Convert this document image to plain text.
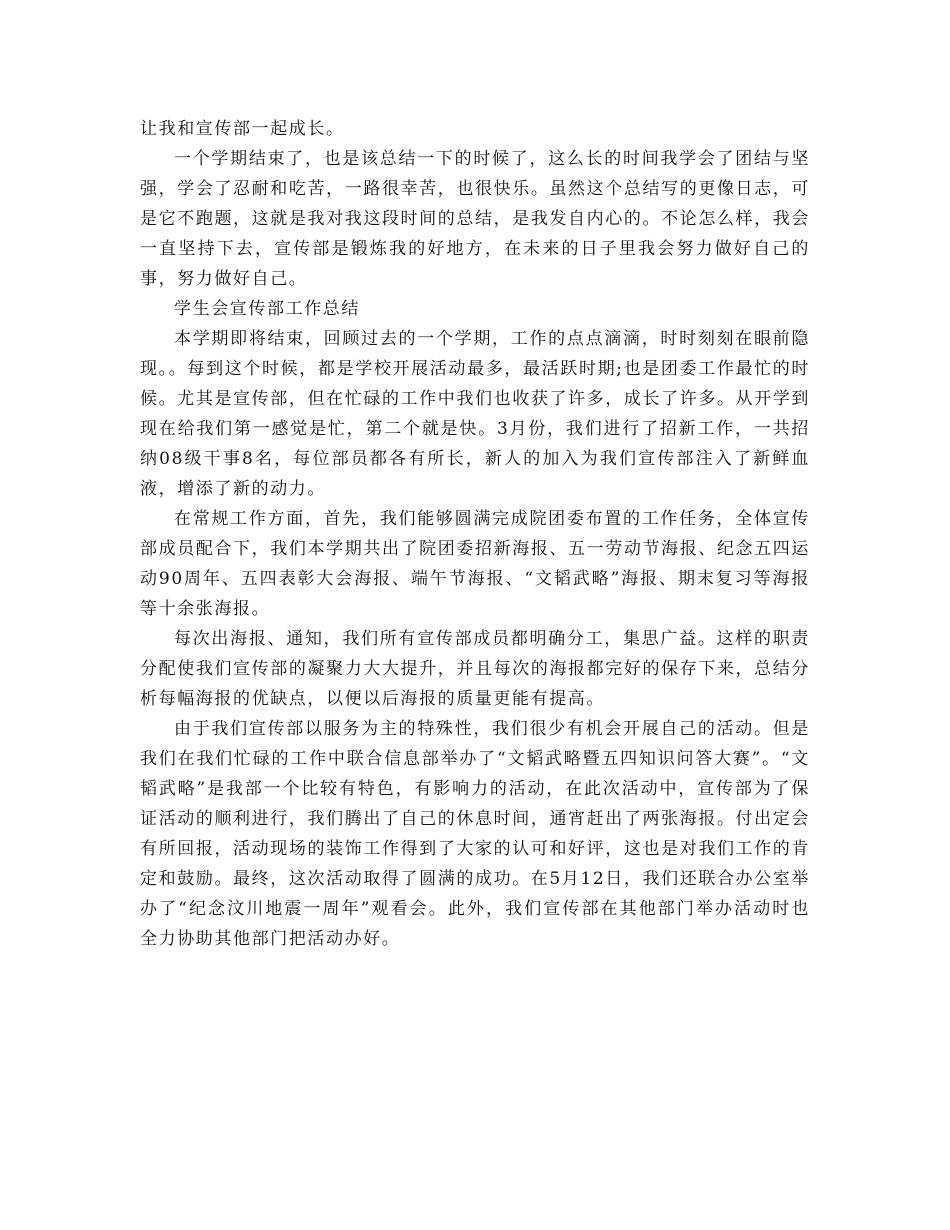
让我和宣传部一起成长。

一个学期结束了，也是该总结一下的时候了，这么长的时间我学会了团结与坚强，学会了忍耐和吃苦，一路很幸苦，也很快乐。虽然这个总结写的更像日志，可是它不跑题，这就是我对我这段时间的总结，是我发自内心的。不论怎么样，我会一直坚持下去，宣传部是锻炼我的好地方，在未来的日子里我会努力做好自己的事，努力做好自己。

学生会宣传部工作总结

本学期即将结束，回顾过去的一个学期，工作的点点滴滴，时时刻刻在眼前隐现。。每到这个时候，都是学校开展活动最多，最活跃时期;也是团委工作最忙的时候。尤其是宣传部，但在忙碌的工作中我们也收获了许多，成长了许多。从开学到现在给我们第一感觉是忙，第二个就是快。3月份，我们进行了招新工作，一共招纳08级干事8名，每位部员都各有所长，新人的加入为我们宣传部注入了新鲜血液，增添了新的动力。

在常规工作方面，首先，我们能够圆满完成院团委布置的工作任务，全体宣传部成员配合下，我们本学期共出了院团委招新海报、五一劳动节海报、纪念五四运动90周年、五四表彰大会海报、端午节海报、“文韬武略”海报、期末复习等海报等十余张海报。

每次出海报、通知，我们所有宣传部成员都明确分工，集思广益。这样的职责分配使我们宣传部的凝聚力大大提升，并且每次的海报都完好的保存下来，总结分析每幅海报的优缺点，以便以后海报的质量更能有提高。

由于我们宣传部以服务为主的特殊性，我们很少有机会开展自己的活动。但是我们在我们忙碌的工作中联合信息部举办了“文韬武略暨五四知识问答大赛”。“文韬武略”是我部一个比较有特色，有影响力的活动，在此次活动中，宣传部为了保证活动的顺利进行，我们腾出了自己的休息时间，通宵赶出了两张海报。付出定会有所回报，活动现场的装饰工作得到了大家的认可和好评，这也是对我们工作的肯定和鼓励。最终，这次活动取得了圆满的成功。在5月12日，我们还联合办公室举办了“纪念汶川地震一周年”观看会。此外，我们宣传部在其他部门举办活动时也全力协助其他部门把活动办好。
